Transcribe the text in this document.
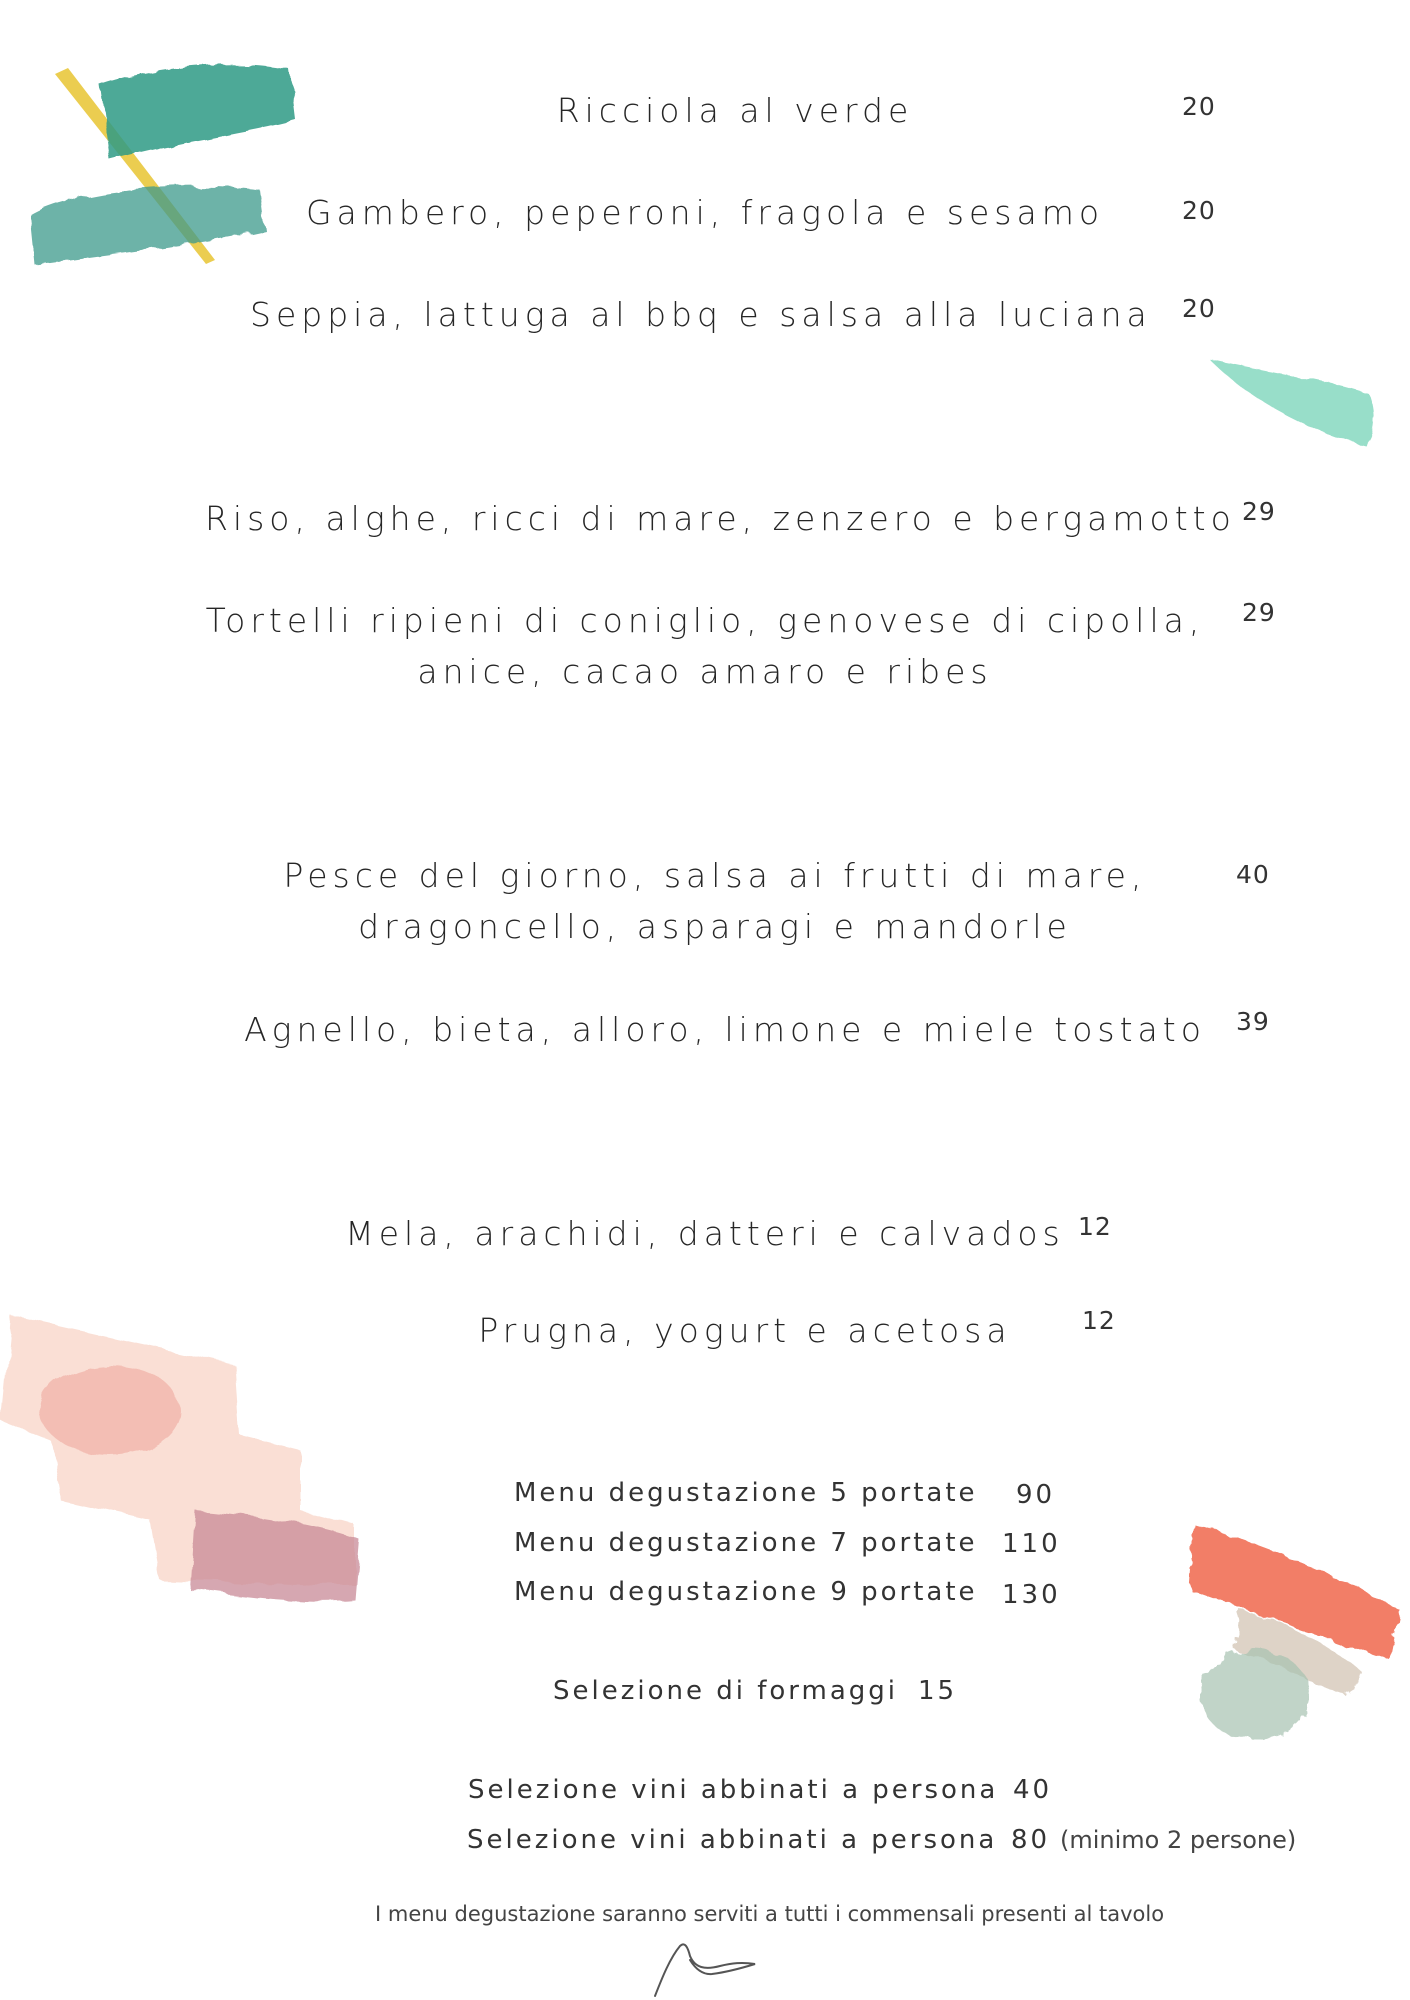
Ricciola al verde	20
Gambero, peperoni, fragola e sesamo	20
Seppia, lattuga al bbq e salsa alla luciana 20
Riso, alghe, ricci di mare, zenzero e bergamotto 29
Tortelli ripieni di coniglio, genovese di cipolla,
anice, cacao amaro e ribes
29
Pesce del giorno, salsa ai frutti di mare,
dragoncello, asparagi e mandorle
40
Agnello, bieta, alloro, limone e miele tostato	39
Mela, arachidi, datteri e calvados 12
Prugna, yogurt e acetosa	12
Menu degustazione 5 portate 90
Menu degustazione 7 portate 110
Menu degustazione 9 portate 130
Selezione di formaggi 15
Selezione vini abbinati a persona 40
Selezione vini abbinati a persona 80 (minimo 2 persone)
I menu degustazione saranno serviti a tutti i commensali presenti al tavolo
